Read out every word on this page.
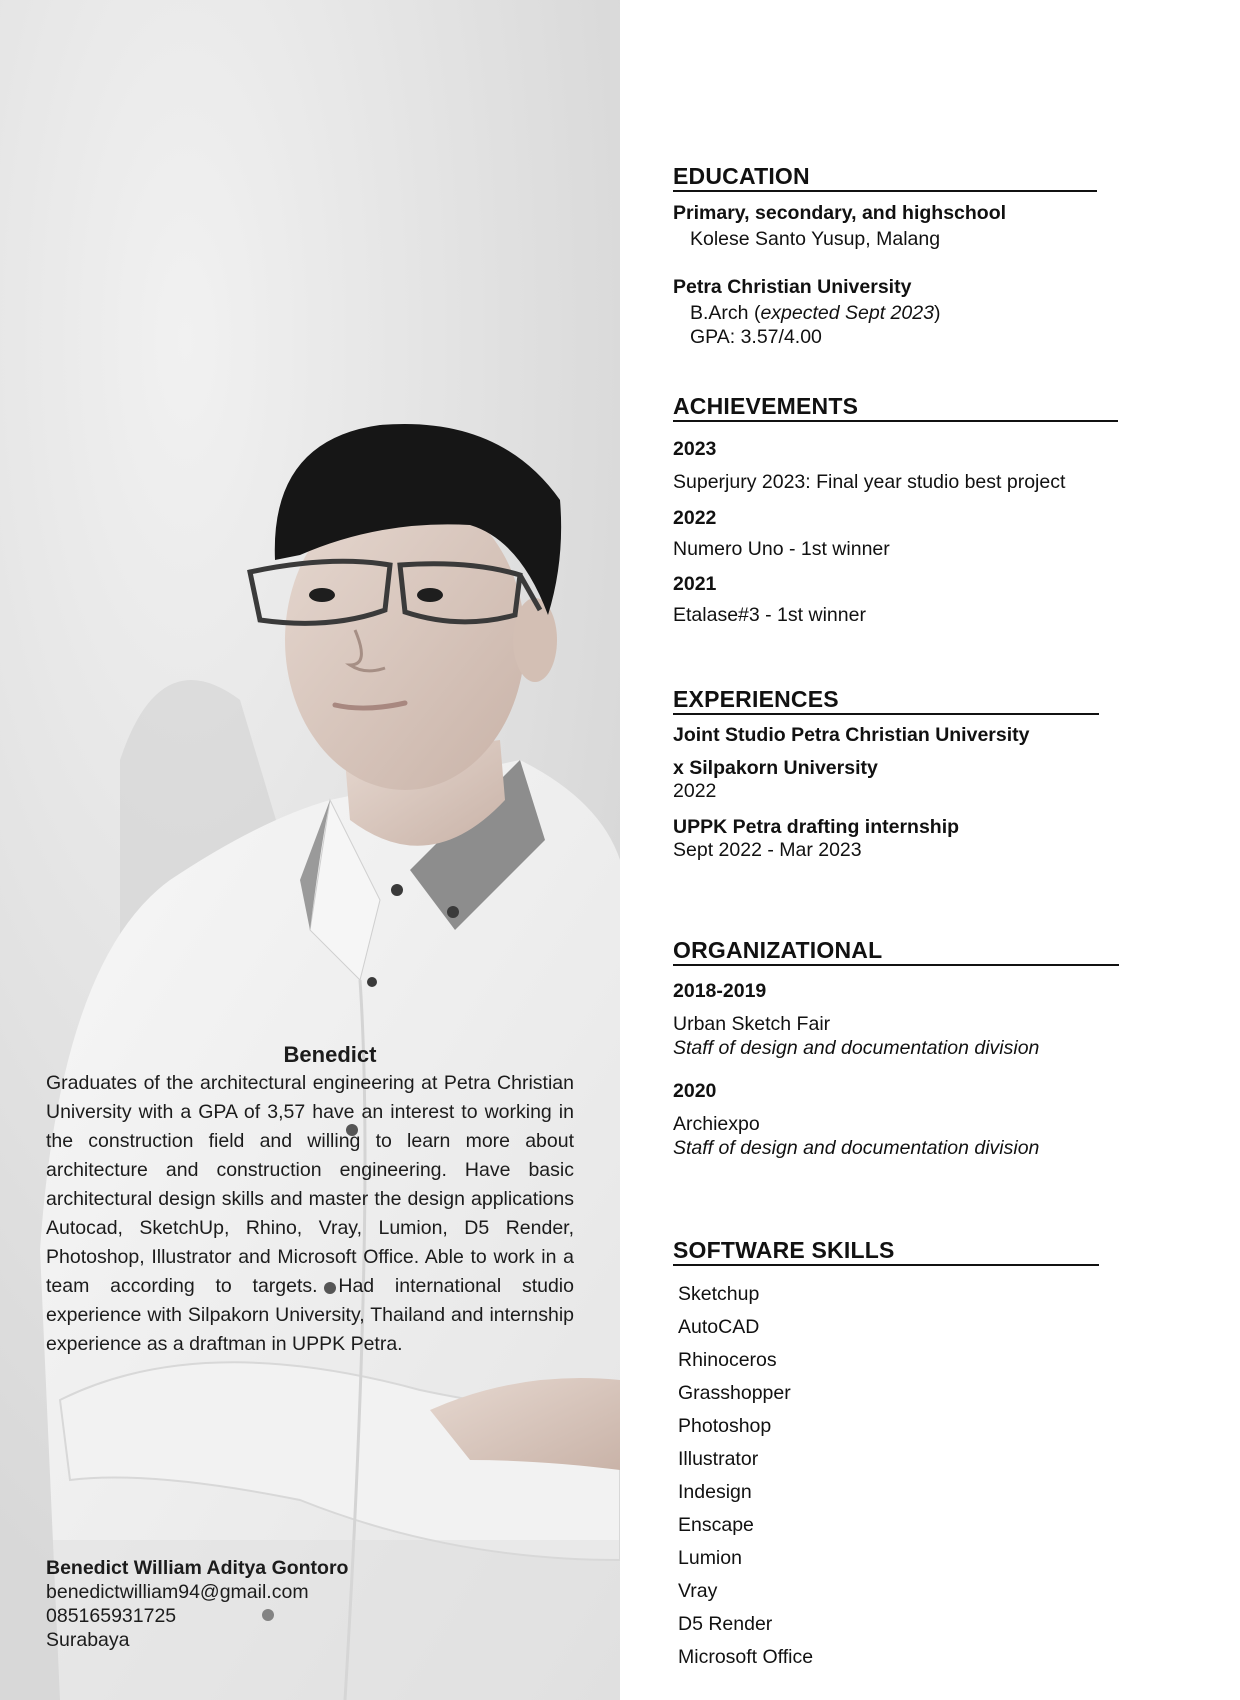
Benedict
Graduates of the architectural engineering at Petra Christian University with a GPA of 3,57 have an interest to working in the construction field and willing to learn more about architecture and construction engineering. Have basic architectural design skills and master the design applications Autocad, SketchUp, Rhino, Vray, Lumion, D5 Render, Photoshop, Illustrator and Microsoft Office. Able to work in a team according to targets. Had international studio experience with Silpakorn University, Thailand and internship experience as a draftman in UPPK Petra.
Benedict William Aditya Gontoro
benedictwilliam94@gmail.com
085165931725
Surabaya
EDUCATION
Primary, secondary, and highschool
Kolese Santo Yusup, Malang
Petra Christian University
B.Arch (expected Sept 2023)
GPA: 3.57/4.00
ACHIEVEMENTS
2023
Superjury 2023: Final year studio best project
2022
Numero Uno - 1st winner
2021
Etalase#3 - 1st winner
EXPERIENCES
Joint Studio Petra Christian University
x Silpakorn University
2022
UPPK Petra drafting internship
Sept 2022 - Mar 2023
ORGANIZATIONAL
2018-2019
Urban Sketch Fair
Staff of design and documentation division
2020
Archiexpo
Staff of design and documentation division
SOFTWARE SKILLS
Sketchup
AutoCAD
Rhinoceros
Grasshopper
Photoshop
Illustrator
Indesign
Enscape
Lumion
Vray
D5 Render
Microsoft Office
